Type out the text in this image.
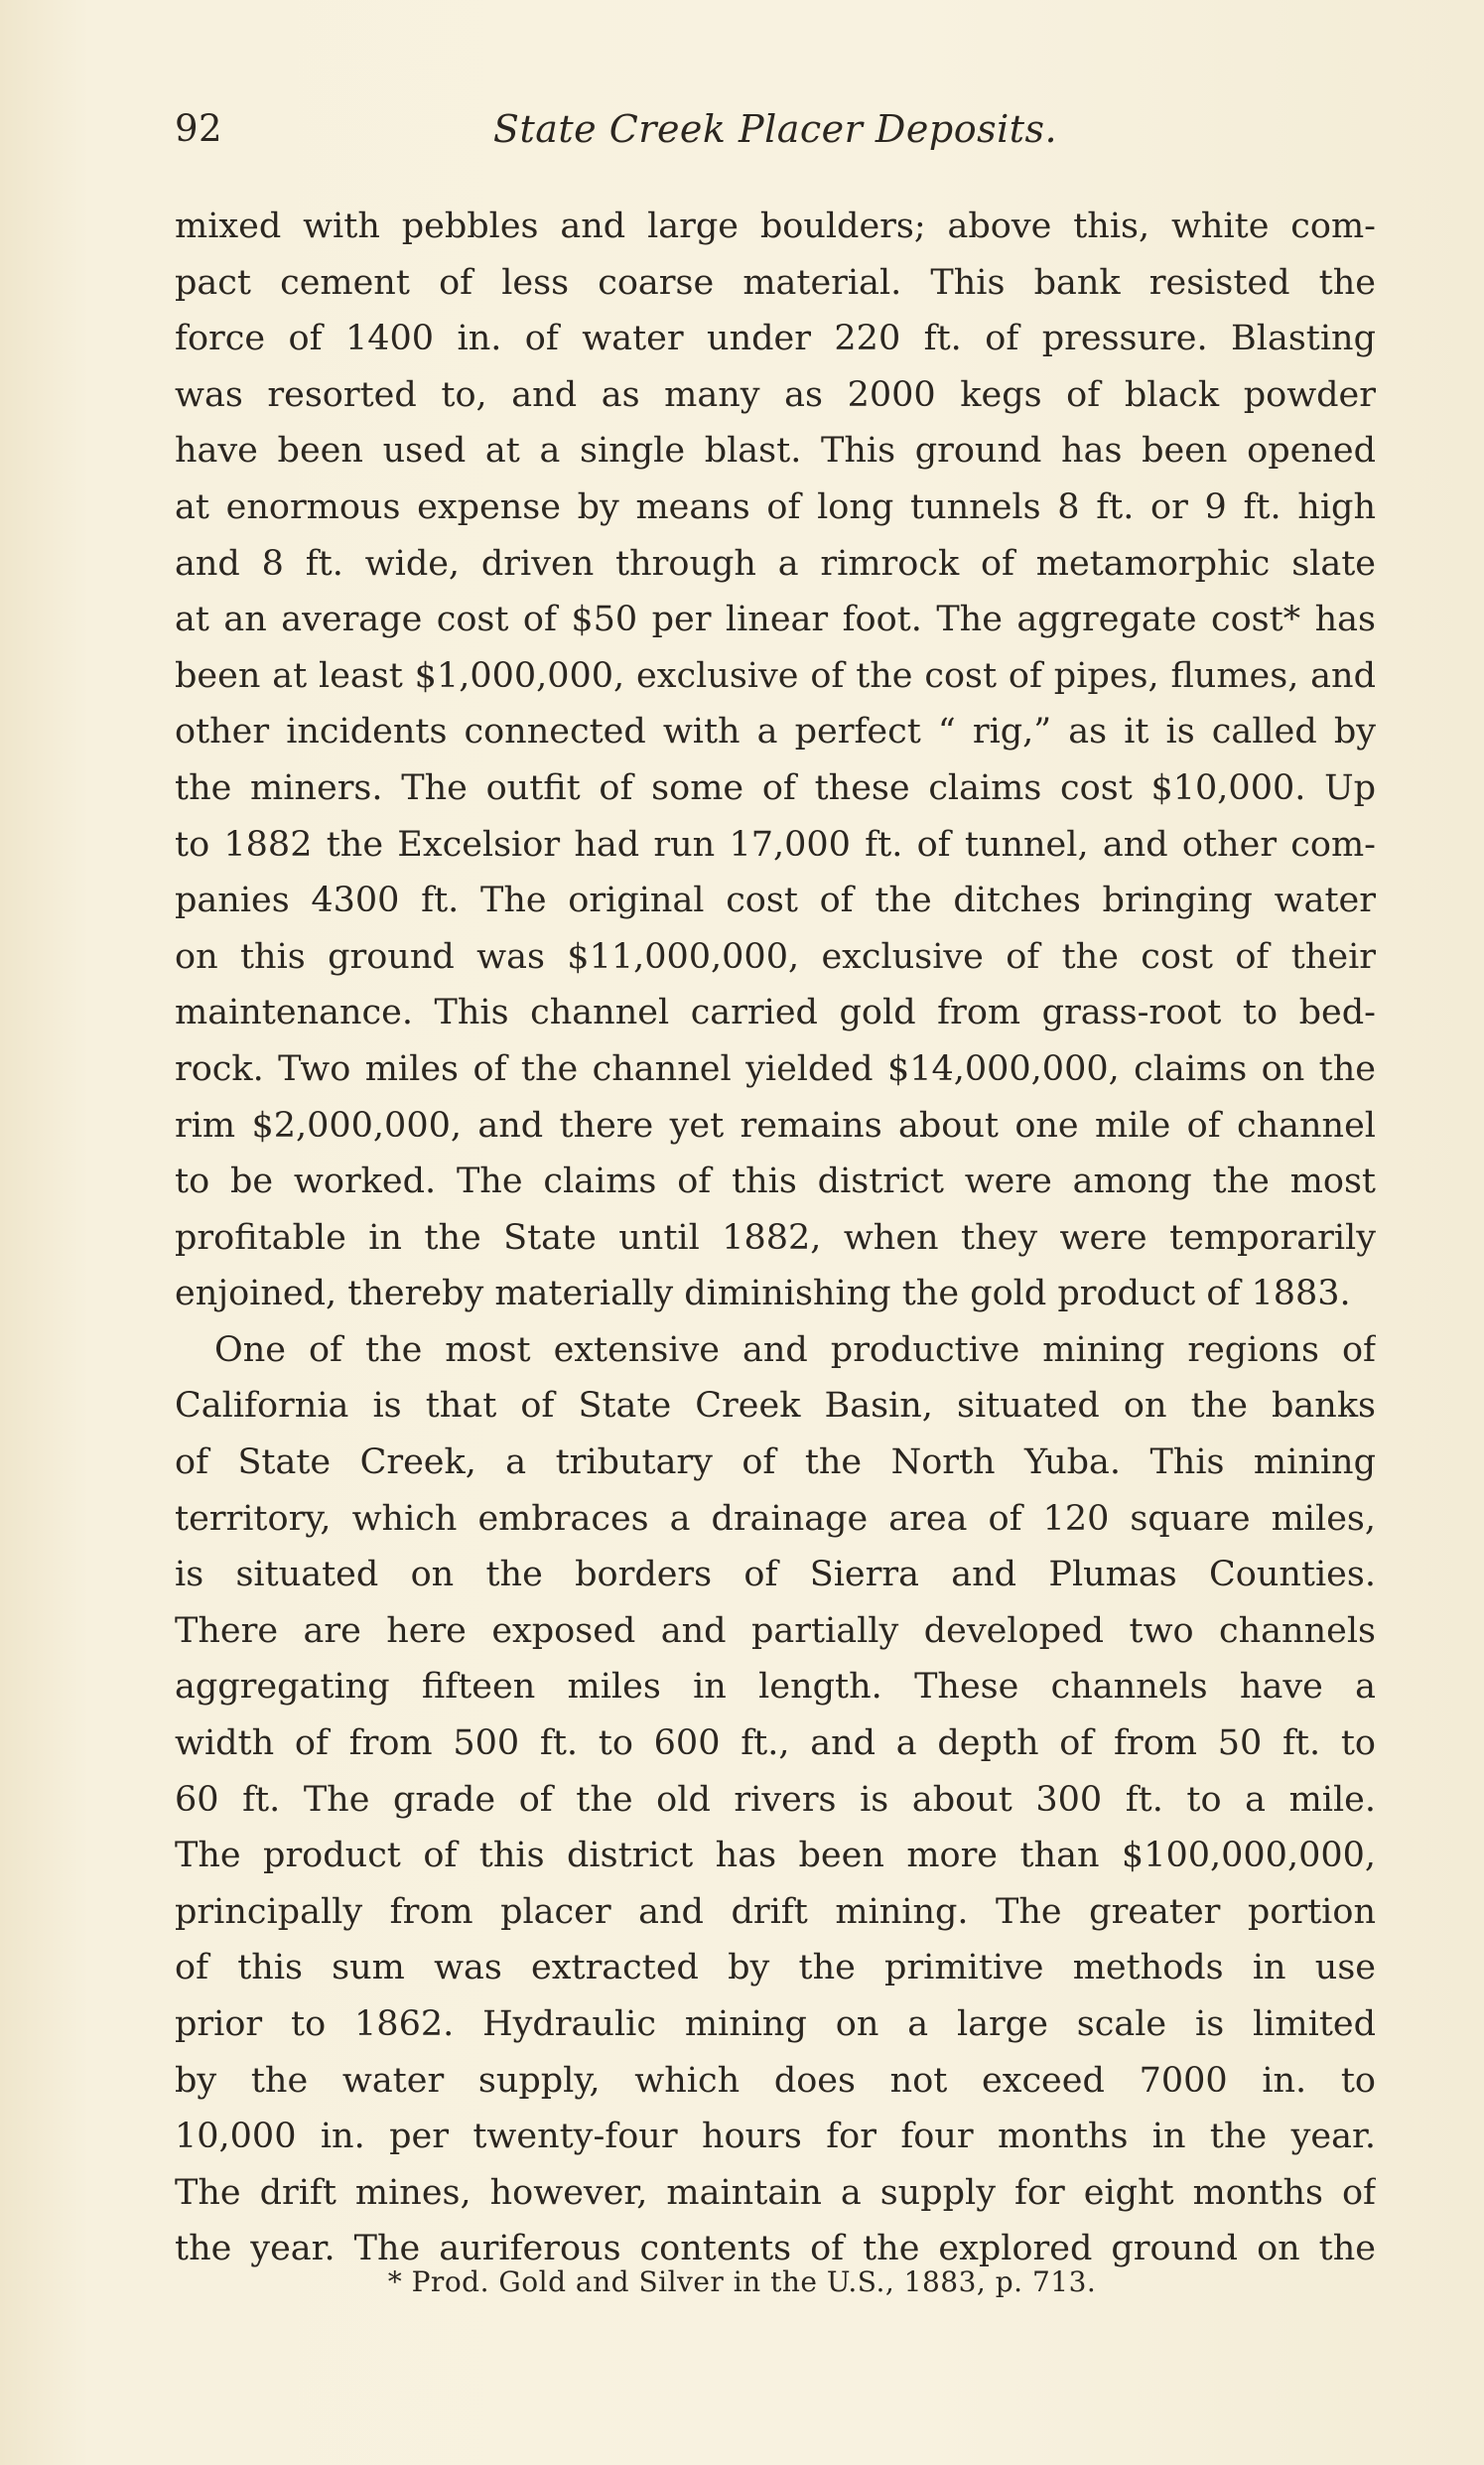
92	State Creek Placer Deposits.
mixed with pebbles and large boulders; above this, white com-
pact cement of less coarse material. This bank resisted the
force of 1400 in. of water under 220 ft. of pressure. Blasting
was resorted to, and as many as 2000 kegs of black powder
have been used at a single blast. This ground has been opened
at enormous expense by means of long tunnels 8 ft. or 9 ft. high
and 8 ft. wide, driven through a rimrock of metamorphic slate
at an average cost of $50 per linear foot. The aggregate cost* has
been at least $1,000,000, exclusive of the cost of pipes, flumes, and
other incidents connected with a perfect “ rig,” as it is called by
the miners. The outfit of some of these claims cost $10,000. Up
to 1882 the Excelsior had run 17,000 ft. of tunnel, and other com-
panies 4300 ft. The original cost of the ditches bringing water
on this ground was $11,000,000, exclusive of the cost of their
maintenance. This channel carried gold from grass-root to bed-
rock. Two miles of the channel yielded $14,000,000, claims on the
rim $2,000,000, and there yet remains about one mile of channel
to be worked. The claims of this district were among the most
profitable in the State until 1882, when they were temporarily
enjoined, thereby materially diminishing the gold product of 1883.
One of the most extensive and productive mining regions of
California is that of State Creek Basin, situated on the banks
of State Creek, a tributary of the North Yuba. This mining
territory, which embraces a drainage area of 120 square miles,
is situated on the borders of Sierra and Plumas Counties.
There are here exposed and partially developed two channels
aggregating fifteen miles in length. These channels have a
width of from 500 ft. to 600 ft., and a depth of from 50 ft. to
60 ft. The grade of the old rivers is about 300 ft. to a mile.
The product of this district has been more than $100,000,000,
principally from placer and drift mining. The greater portion
of this sum was extracted by the primitive methods in use
prior to 1862. Hydraulic mining on a large scale is limited
by the water supply, which does not exceed 7000 in. to
10,000 in. per twenty-four hours for four months in the year.
The drift mines, however, maintain a supply for eight months of
the year. The auriferous contents of the explored ground on the
* Prod. Gold and Silver in the U.S., 1883, p. 713.
